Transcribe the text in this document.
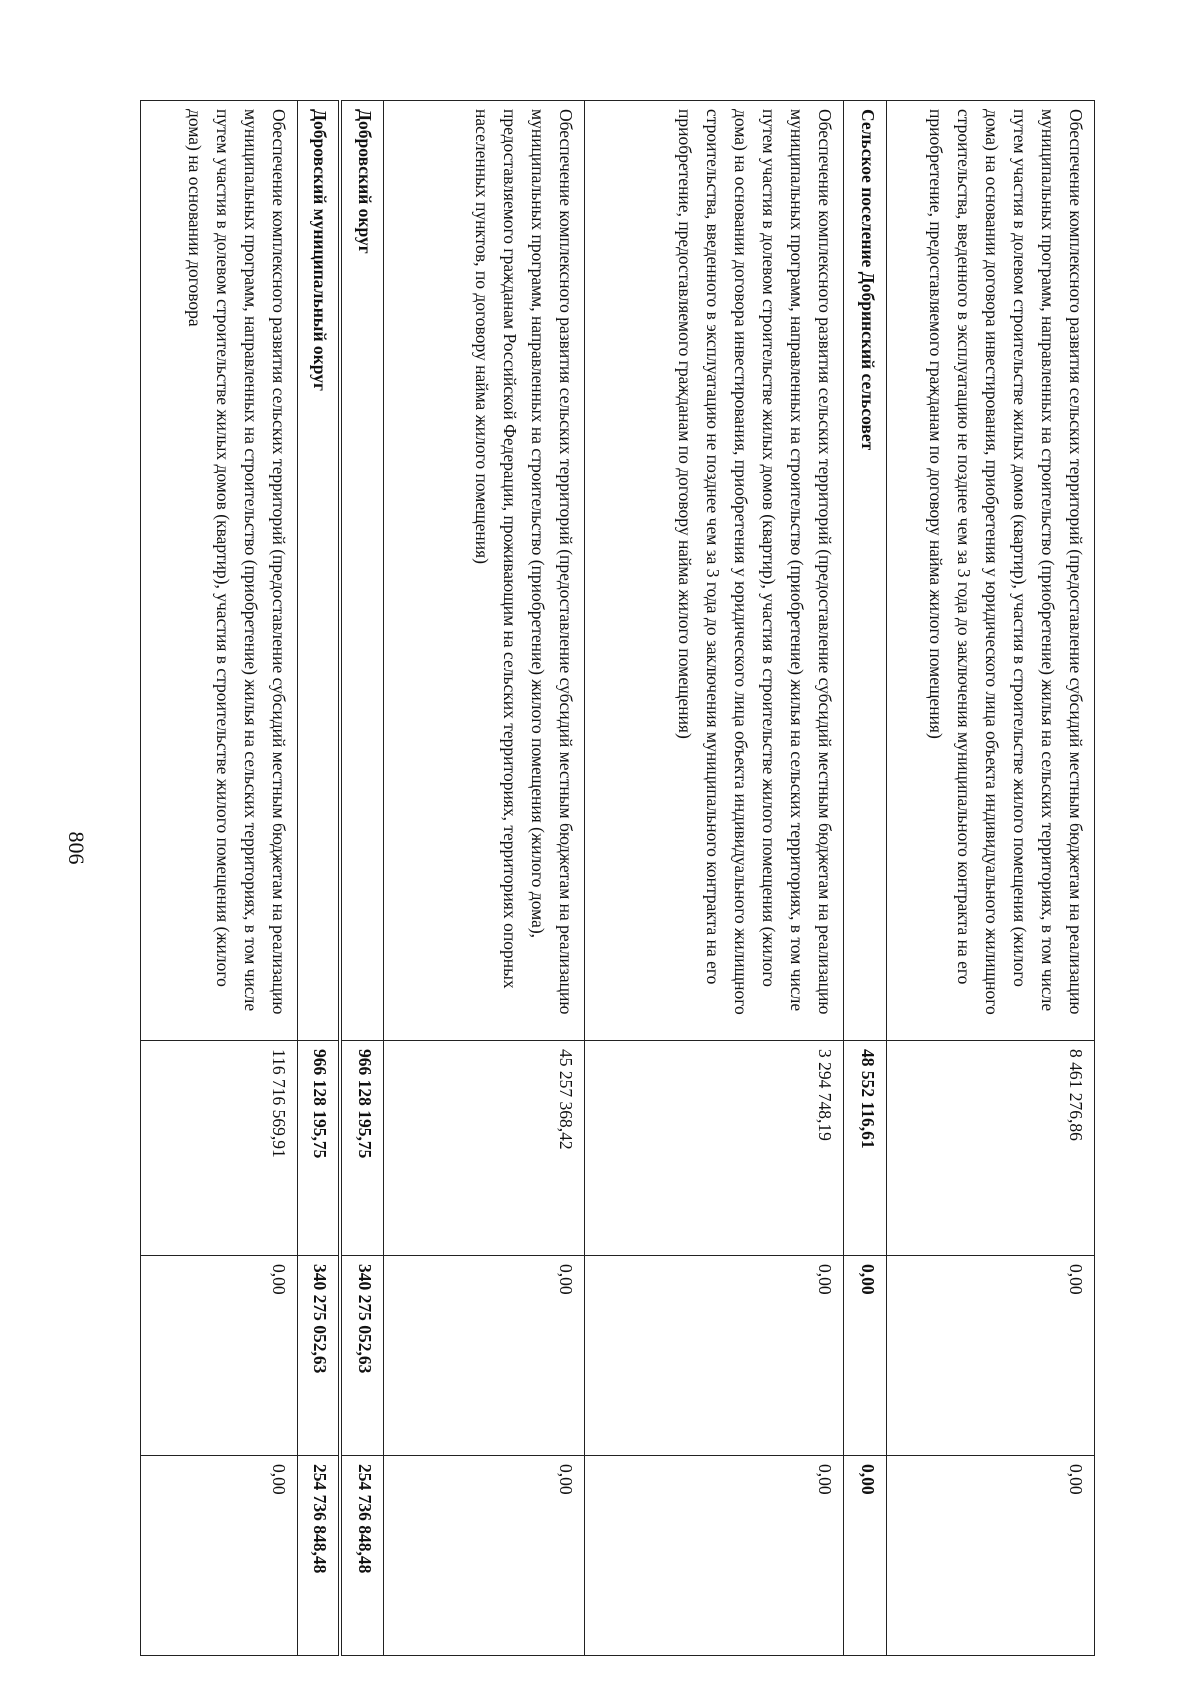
806	Обеспечение комплексного развития сельских территорий (предоставление субсидий местным бюджетам на реализацию муниципальных программ, направленных на строительство (приобретение) жилья на сельских территориях, в том числе путем участия в долевом строительстве жилых домов (квартир), участия в строительстве жилого помещения (жилого дома) на основании договора инвестирования, приобретения у юридического лица объекта индивидуального жилищного строительства, введенного в эксплуатацию не позднее чем за 3 года до заключения муниципального контракта на его приобретение, предоставляемого гражданам по договору найма жилого помещения)	8 461 276,86	0,00	0,00
Сельское поселение Добринский сельсовет	48 552 116,61	0,00	0,00
Обеспечение комплексного развития сельских территорий (предоставление субсидий местным бюджетам на реализацию муниципальных программ, направленных на строительство (приобретение) жилья на сельских территориях, в том числе путем участия в долевом строительстве жилых домов (квартир), участия в строительстве жилого помещения (жилого дома) на основании договора инвестирования, приобретения у юридического лица объекта индивидуального жилищного строительства, введенного в эксплуатацию не позднее чем за 3 года до заключения муниципального контракта на его приобретение, предоставляемого гражданам по договору найма жилого помещения)	3 294 748,19	0,00	0,00
Обеспечение комплексного развития сельских территорий (предоставление субсидий местным бюджетам на реализацию муниципальных программ, направленных на строительство (приобретение) жилого помещения (жилого дома), предоставляемого гражданам Российской Федерации, проживающим на сельских территориях, территориях опорных населенных пунктов, по договору найма жилого помещения)	45 257 368,42	0,00	0,00
Добровский округ	966 128 195,75	340 275 052,63	254 736 848,48
Добровский муниципальный округ	966 128 195,75	340 275 052,63	254 736 848,48
Обеспечение комплексного развития сельских территорий (предоставление субсидий местным бюджетам на реализацию муниципальных программ, направленных на строительство (приобретение) жилья на сельских территориях, в том числе путем участия в долевом строительстве жилых домов (квартир), участия в строительстве жилого помещения (жилого дома) на основании договора	116 716 569,91	0,00	0,00
